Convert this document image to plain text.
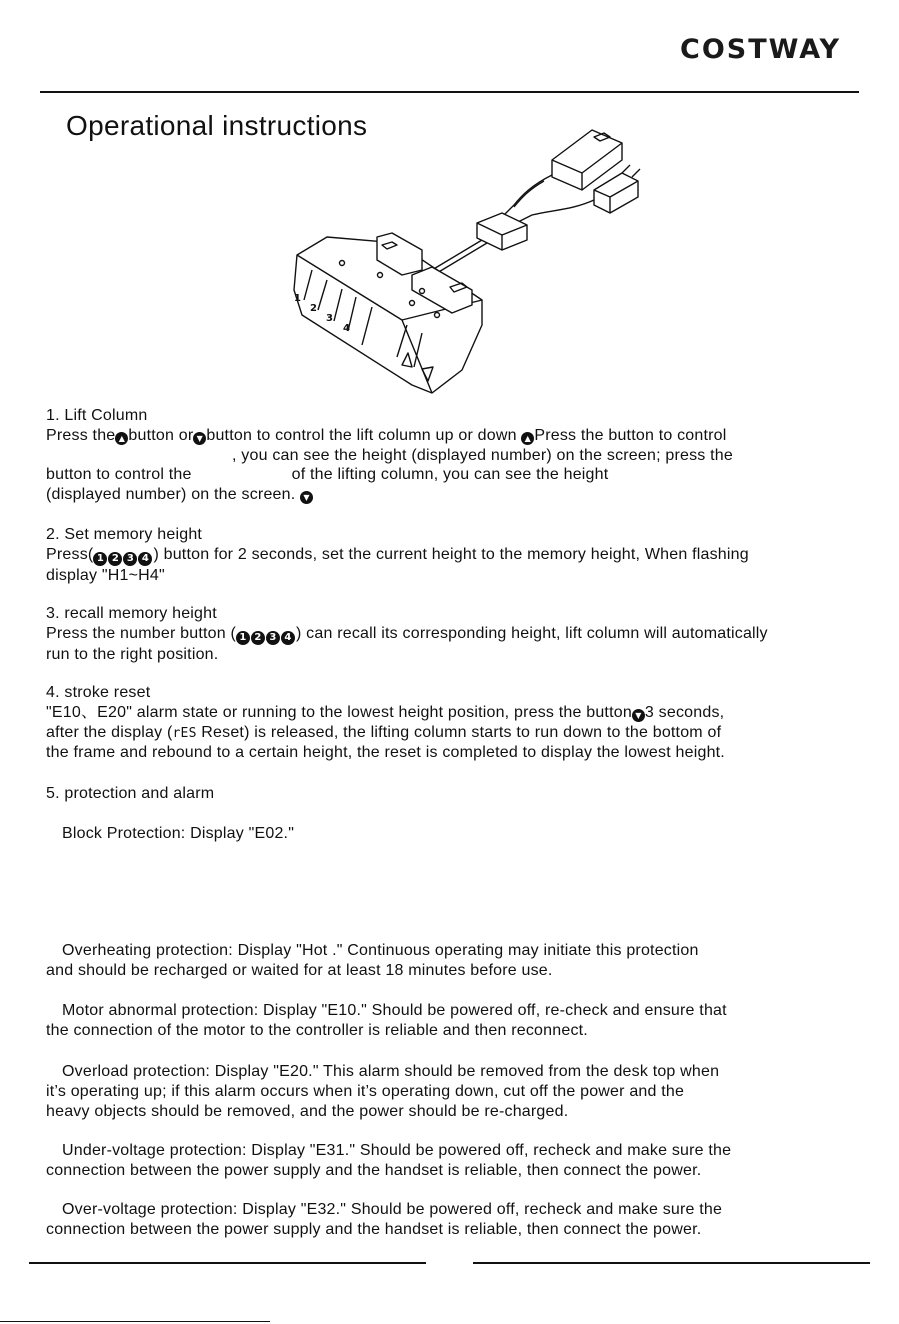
COSTWAY
Operational instructions
1
2
3
4
1. Lift Column
Press the ▲ button or ▼ button to control the lift column up or down ▲ Press the button to control
, you can see the height (displayed number) on the screen; press the
button to control the	of the lifting column, you can see the height
(displayed number) on the screen. ▼
2. Set memory height
Press( 1 2 3 4 ) button for 2 seconds, set the current height to the memory height, When flashing
display "H1~H4"
3. recall memory height
Press the number button ( 1 2 3 4 ) can recall its corresponding height, lift column will automatically
run to the right position.
4. stroke reset
"E10、E20" alarm state or running to the lowest height position, press the button ▼ 3 seconds,
after the display (rES Reset) is released, the lifting column starts to run down to the bottom of
the frame and rebound to a certain height, the reset is completed to display the lowest height.
5. protection and alarm
Block Protection: Display "E02."
Overheating protection: Display "Hot ." Continuous operating may initiate this protection
and should be recharged or waited for at least 18 minutes before use.
Motor abnormal protection: Display "E10." Should be powered off, re-check and ensure that
the connection of the motor to the controller is reliable and then reconnect.
Overload protection: Display "E20." This alarm should be removed from the desk top when
it’s operating up; if this alarm occurs when it’s operating down, cut off the power and the
heavy objects should be removed, and the power should be re-charged.
Under-voltage protection: Display "E31." Should be powered off, recheck and make sure the
connection between the power supply and the handset is reliable, then connect the power.
Over-voltage protection: Display "E32." Should be powered off, recheck and make sure the
connection between the power supply and the handset is reliable, then connect the power.
